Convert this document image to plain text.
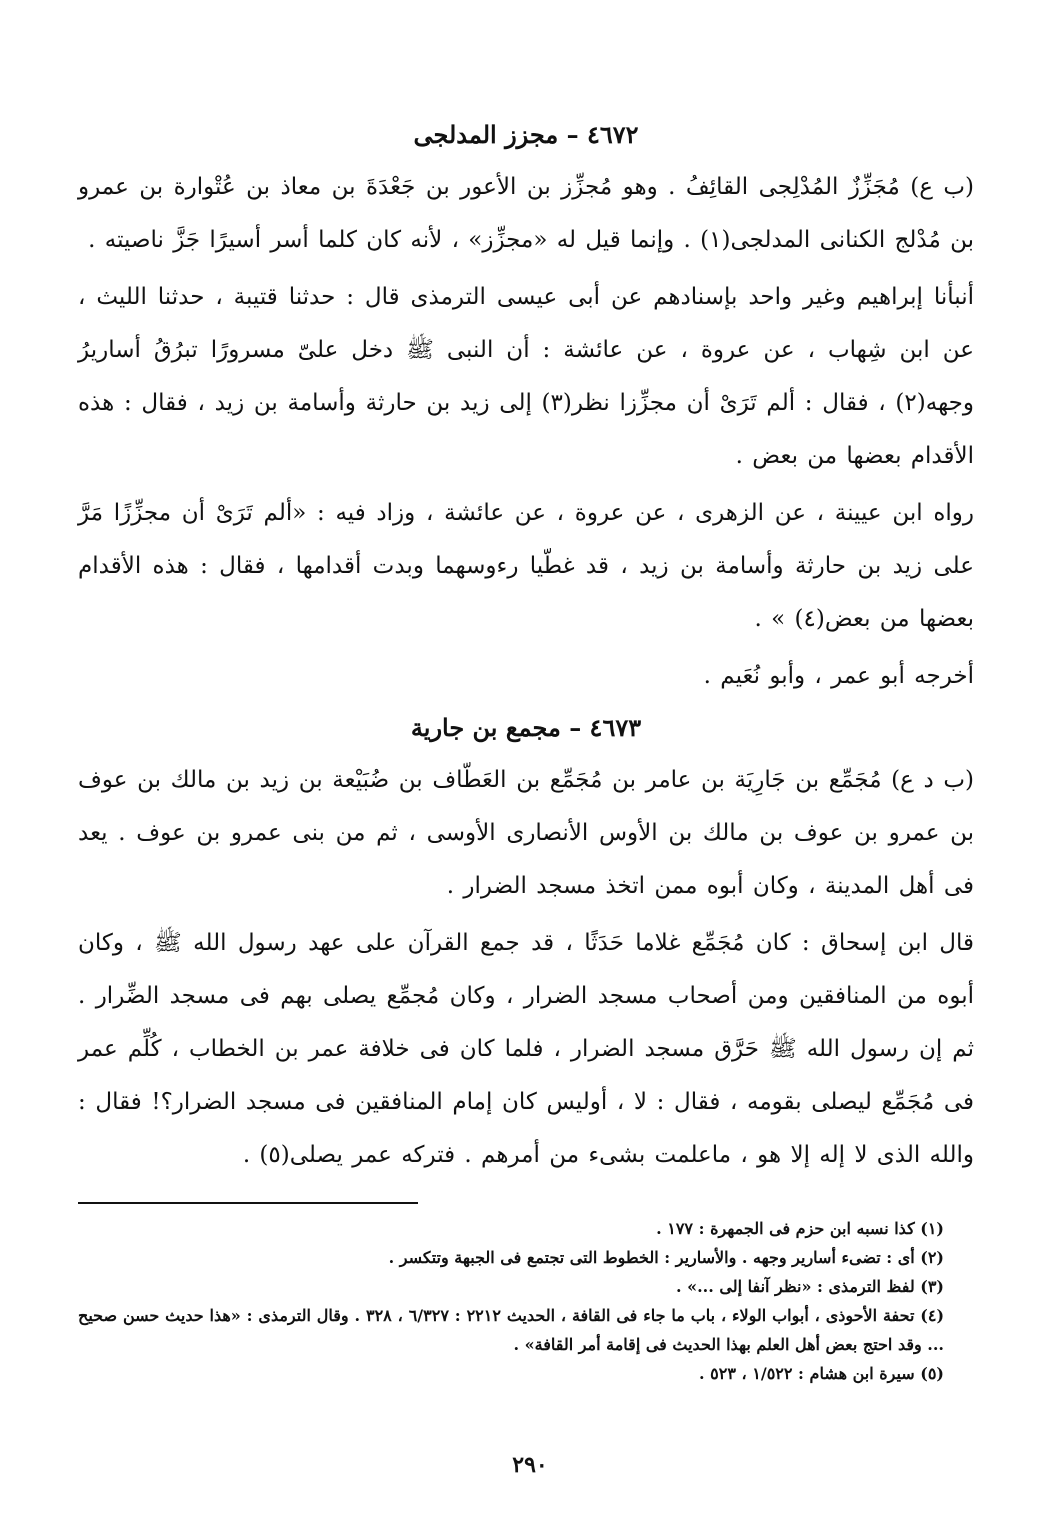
٤٦٧٢ – مجزز المدلجى

(ب ع) مُجَزِّزٌ المُدْلِجى القائِفُ . وهو مُجزِّز بن الأعور بن جَعْدَةَ بن معاذ بن عُتْوارة بن عمرو بن مُدْلج الكنانى المدلجى(١) . وإنما قيل له «مجزِّز» ، لأنه كان كلما أسر أسيرًا جَزَّ ناصيته .

أنبأنا إبراهيم وغير واحد بإسنادهم عن أبى عيسى الترمذى قال : حدثنا قتيبة ، حدثنا الليث ، عن ابن شِهاب ، عن عروة ، عن عائشة : أن النبى ﷺ دخل علىّ مسرورًا تبرُقُ أساريرُ وجهه(٢) ، فقال : ألم تَرَىْ أن مجزِّزا نظر(٣) إلى زيد بن حارثة وأسامة بن زيد ، فقال : هذه الأقدام بعضها من بعض .

رواه ابن عيينة ، عن الزهرى ، عن عروة ، عن عائشة ، وزاد فيه : «ألم تَرَىْ أن مجزِّزًا مَرَّ على زيد بن حارثة وأسامة بن زيد ، قد غطّيا رءوسهما وبدت أقدامها ، فقال : هذه الأقدام بعضها من بعض(٤) » .

أخرجه أبو عمر ، وأبو نُعَيم .

٤٦٧٣ – مجمع بن جارية

(ب د ع) مُجَمِّع بن جَارِيَة بن عامر بن مُجَمِّع بن العَطّاف بن ضُبَيْعة بن زيد بن مالك بن عوف بن عمرو بن عوف بن مالك بن الأوس الأنصارى الأوسى ، ثم من بنى عمرو بن عوف . يعد فى أهل المدينة ، وكان أبوه ممن اتخذ مسجد الضرار .

قال ابن إسحاق : كان مُجَمِّع غلاما حَدَثًا ، قد جمع القرآن على عهد رسول الله ﷺ ، وكان أبوه من المنافقين ومن أصحاب مسجد الضرار ، وكان مُجمِّع يصلى بهم فى مسجد الضِّرار . ثم إن رسول الله ﷺ حَرَّق مسجد الضرار ، فلما كان فى خلافة عمر بن الخطاب ، كُلِّم عمر فى مُجَمِّع ليصلى بقومه ، فقال : لا ، أوليس كان إمام المنافقين فى مسجد الضرار؟! فقال : والله الذى لا إله إلا هو ، ماعلمت بشىء من أمرهم . فتركه عمر يصلى(٥) .

(١) كذا نسبه ابن حزم فى الجمهرة : ١٧٧ .
(٢) أى : تضىء أسارير وجهه . والأسارير : الخطوط التى تجتمع فى الجبهة وتتكسر .
(٣) لفظ الترمذى : «نظر آنفا إلى ...» .
(٤) تحفة الأحوذى ، أبواب الولاء ، باب ما جاء فى القافة ، الحديث ٢٢١٢ : ٦/٣٢٧ ، ٣٢٨ . وقال الترمذى : «هذا حديث حسن صحيح ... وقد احتج بعض أهل العلم بهذا الحديث فى إقامة أمر القافة» .
(٥) سيرة ابن هشام : ١/٥٢٢ ، ٥٢٣ .
٢٩٠
